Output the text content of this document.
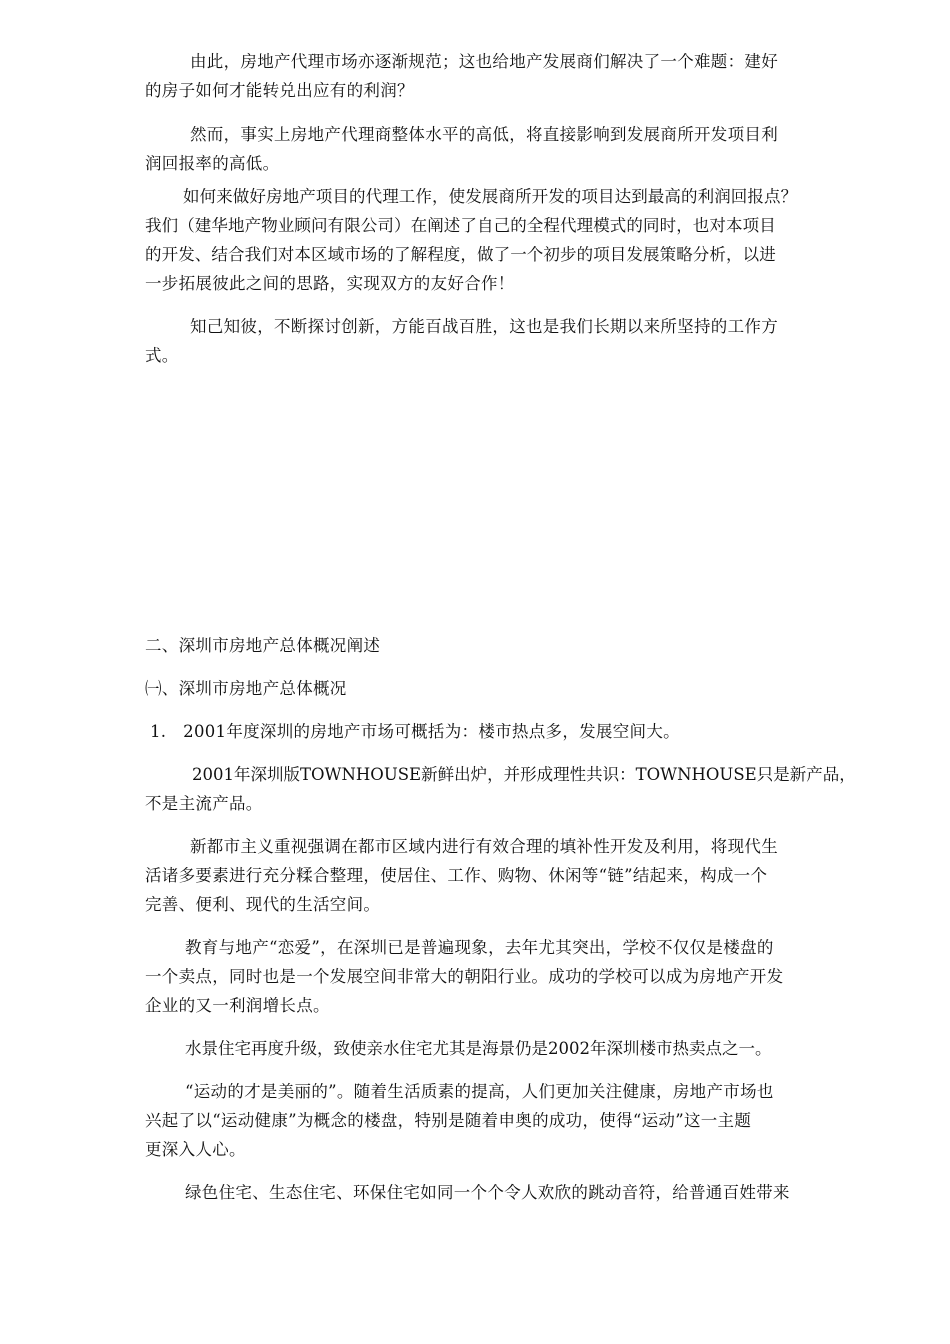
由此，房地产代理市场亦逐渐规范；这也给地产发展商们解决了一个难题：建好

的房子如何才能转兑出应有的利润？

然而，事实上房地产代理商整体水平的高低，将直接影响到发展商所开发项目利

润回报率的高低。

如何来做好房地产项目的代理工作，使发展商所开发的项目达到最高的利润回报点？

我们（建华地产物业顾问有限公司）在阐述了自己的全程代理模式的同时，也对本项目

的开发、结合我们对本区域市场的了解程度，做了一个初步的项目发展策略分析，以进

一步拓展彼此之间的思路，实现双方的友好合作！

知己知彼，不断探讨创新，方能百战百胜，这也是我们长期以来所坚持的工作方

式。

二、深圳市房地产总体概况阐述

㈠、深圳市房地产总体概况

1.　2001年度深圳的房地产市场可概括为：楼市热点多，发展空间大。

2001年深圳版TOWNHOUSE新鲜出炉，并形成理性共识：TOWNHOUSE只是新产品，

不是主流产品。

新都市主义重视强调在都市区域内进行有效合理的填补性开发及利用，将现代生

活诸多要素进行充分糅合整理，使居住、工作、购物、休闲等“链”结起来，构成一个

完善、便利、现代的生活空间。

教育与地产“恋爱”，在深圳已是普遍现象，去年尤其突出，学校不仅仅是楼盘的

一个卖点，同时也是一个发展空间非常大的朝阳行业。成功的学校可以成为房地产开发

企业的又一利润增长点。

水景住宅再度升级，致使亲水住宅尤其是海景仍是2002年深圳楼市热卖点之一。

“运动的才是美丽的”。随着生活质素的提高，人们更加关注健康，房地产市场也

兴起了以“运动健康”为概念的楼盘，特别是随着申奥的成功，使得“运动”这一主题

更深入人心。

绿色住宅、生态住宅、环保住宅如同一个个令人欢欣的跳动音符，给普通百姓带来
